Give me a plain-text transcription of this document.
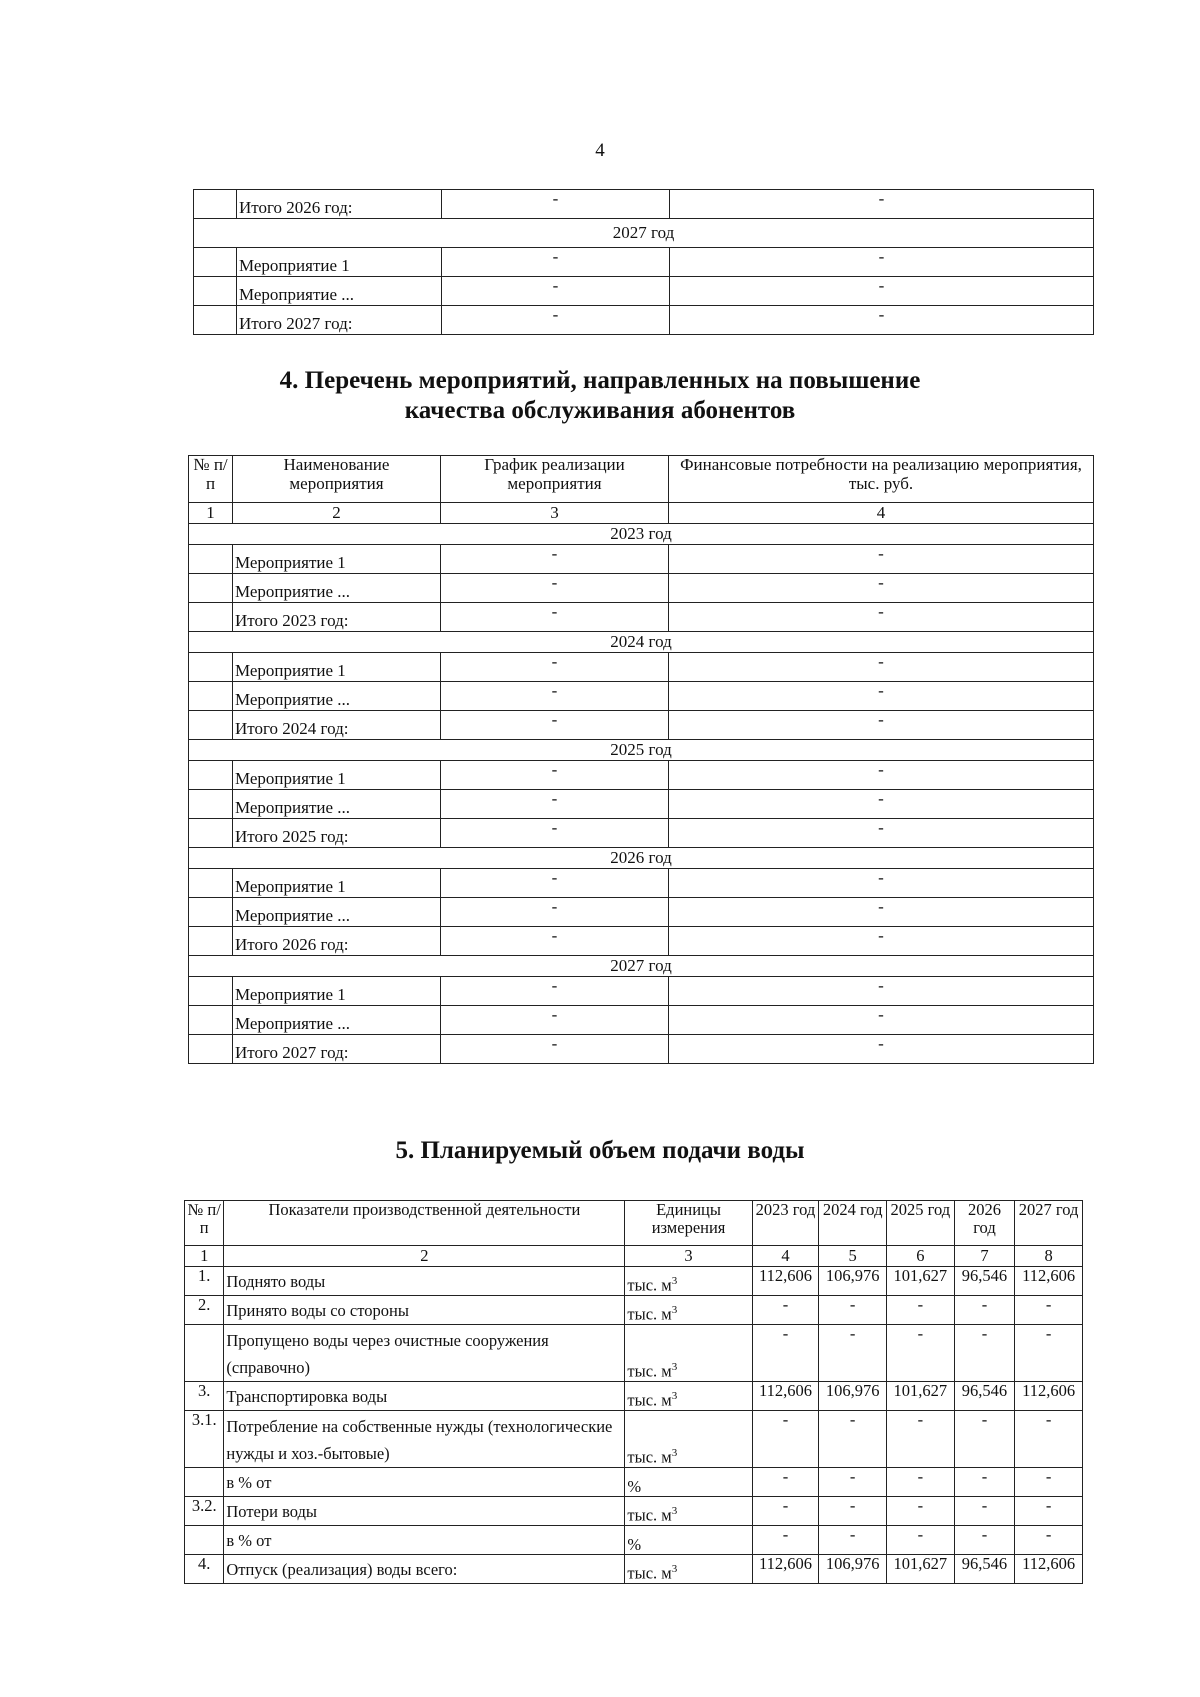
4
	Итого 2026 год:	-	-
2027 год			
	Мероприятие 1	-	-
	Мероприятие ...	-	-
	Итого 2027 год:	-	-
4. Перечень мероприятий, направленных на повышение
качества обслуживания абонентов
№ п/п	Наименование мероприятия	График реализации мероприятия	Финансовые потребности на реализацию мероприятия, тыс. руб.
1	2	3	4
2023 год			
	Мероприятие 1	-	-
	Мероприятие ...	-	-
	Итого 2023 год:	-	-
2024 год			
	Мероприятие 1	-	-
	Мероприятие ...	-	-
	Итого 2024 год:	-	-
2025 год			
	Мероприятие 1	-	-
	Мероприятие ...	-	-
	Итого 2025 год:	-	-
2026 год			
	Мероприятие 1	-	-
	Мероприятие ...	-	-
	Итого 2026 год:	-	-
2027 год			
	Мероприятие 1	-	-
	Мероприятие ...	-	-
	Итого 2027 год:	-	-
5. Планируемый объем подачи воды
№ п/п	Показатели производственной деятельности	Единицы измерения	2023 год	2024 год	2025 год	2026 год	2027 год
1	2	3	4	5	6	7	8
1.	Поднято воды	тыс. $м^3$	112,606	106,976	101,627	96,546	112,606
2.	Принято воды со стороны	тыс. $м^3$	-	-	-	-	-
	Пропущено воды через очистные сооружения (справочно)	тыс. $м^3$	-	-	-	-	-
3.	Транспортировка воды	тыс. $м^3$	112,606	106,976	101,627	96,546	112,606
3.1.	Потребление на собственные нужды (технологические нужды и хоз.-бытовые)	тыс. $м^3$	-	-	-	-	-
	в % от	%	-	-	-	-	-
3.2.	Потери воды	тыс. $м^3$	-	-	-	-	-
	в % от	%	-	-	-	-	-
4.	Отпуск (реализация) воды всего:	тыс. $м^3$	112,606	106,976	101,627	96,546	112,606
